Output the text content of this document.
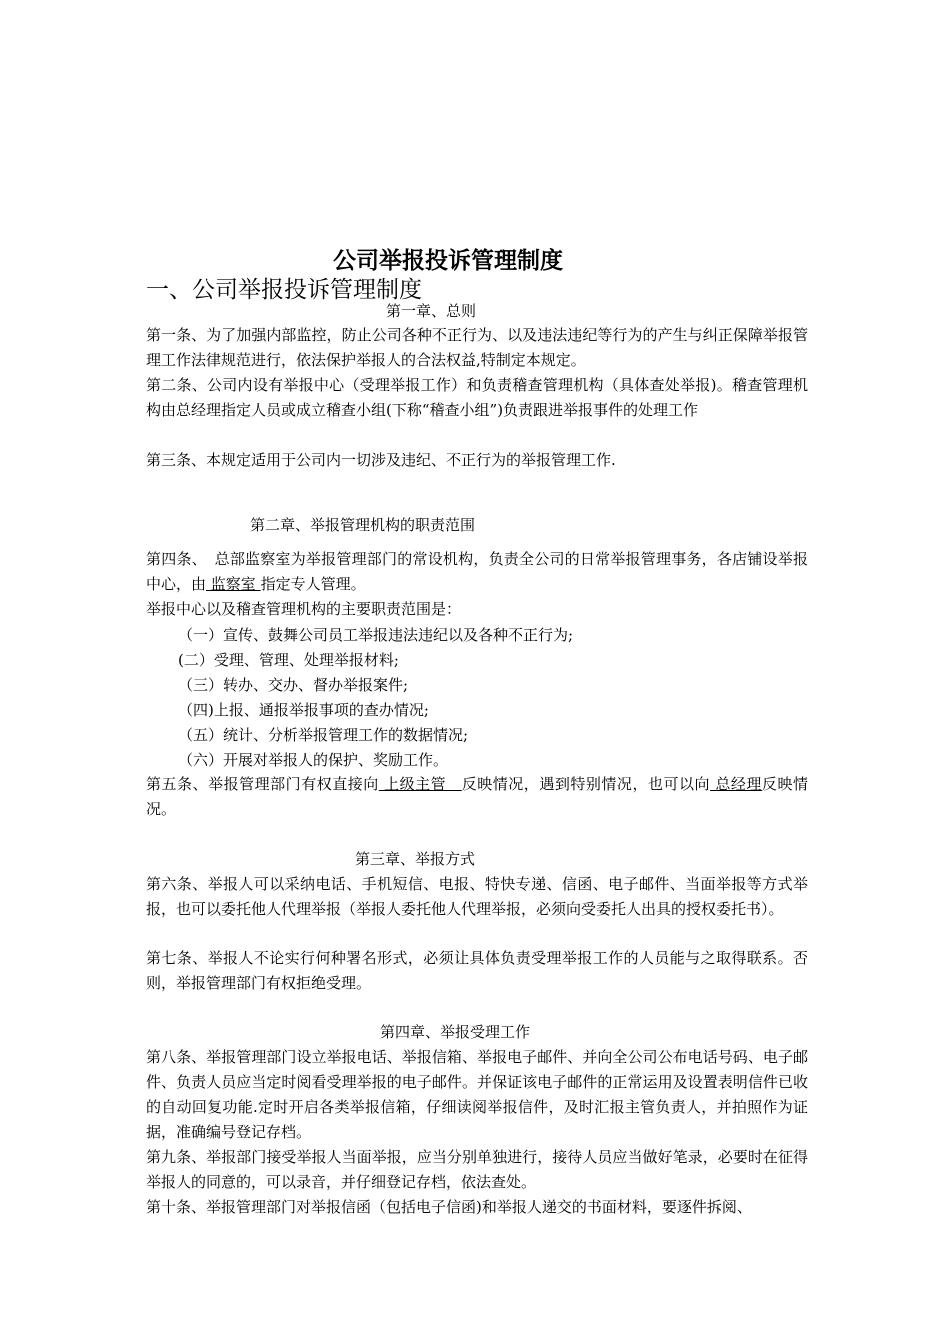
公司举报投诉管理制度
一、公司举报投诉管理制度
第一章、总则
第一条、为了加强内部监控，防止公司各种不正行为、以及违法违纪等行为的产生与纠正保障举报管理工作法律规范进行，依法保护举报人的合法权益,特制定本规定。
第二条、公司内设有举报中心（受理举报工作）和负责稽查管理机构（具体查处举报)。稽查管理机构由总经理指定人员或成立稽查小组(下称“稽查小组”)负责跟进举报事件的处理工作
第三条、本规定适用于公司内一切涉及违纪、不正行为的举报管理工作.
第二章、举报管理机构的职责范围
第四条、　总部监察室为举报管理部门的常设机构，负责全公司的日常举报管理事务，各店铺设举报中心，由 监察室 指定专人管理。
举报中心以及稽查管理机构的主要职责范围是：
（一）宣传、鼓舞公司员工举报违法违纪以及各种不正行为;
(二）受理、管理、处理举报材料;
（三）转办、交办、督办举报案件;
（四)上报、通报举报事项的查办情况;
（五）统计、分析举报管理工作的数据情况;
（六）开展对举报人的保护、奖励工作。
第五条、举报管理部门有权直接向 上级主管　反映情况，遇到特别情况，也可以向 总经理反映情况。
第三章、举报方式
第六条、举报人可以采纳电话、手机短信、电报、特快专递、信函、电子邮件、当面举报等方式举报，也可以委托他人代理举报（举报人委托他人代理举报，必须向受委托人出具的授权委托书）。
第七条、举报人不论实行何种署名形式，必须让具体负责受理举报工作的人员能与之取得联系。否则，举报管理部门有权拒绝受理。
第四章、举报受理工作
第八条、举报管理部门设立举报电话、举报信箱、举报电子邮件、并向全公司公布电话号码、电子邮件、负责人员应当定时阅看受理举报的电子邮件。并保证该电子邮件的正常运用及设置表明信件已收的自动回复功能.定时开启各类举报信箱，仔细读阅举报信件，及时汇报主管负责人，并拍照作为证据，准确编号登记存档。
第九条、举报部门接受举报人当面举报，应当分别单独进行，接待人员应当做好笔录，必要时在征得举报人的同意的，可以录音，并仔细登记存档，依法查处。
第十条、举报管理部门对举报信函（包括电子信函)和举报人递交的书面材料，要逐件拆阅、
